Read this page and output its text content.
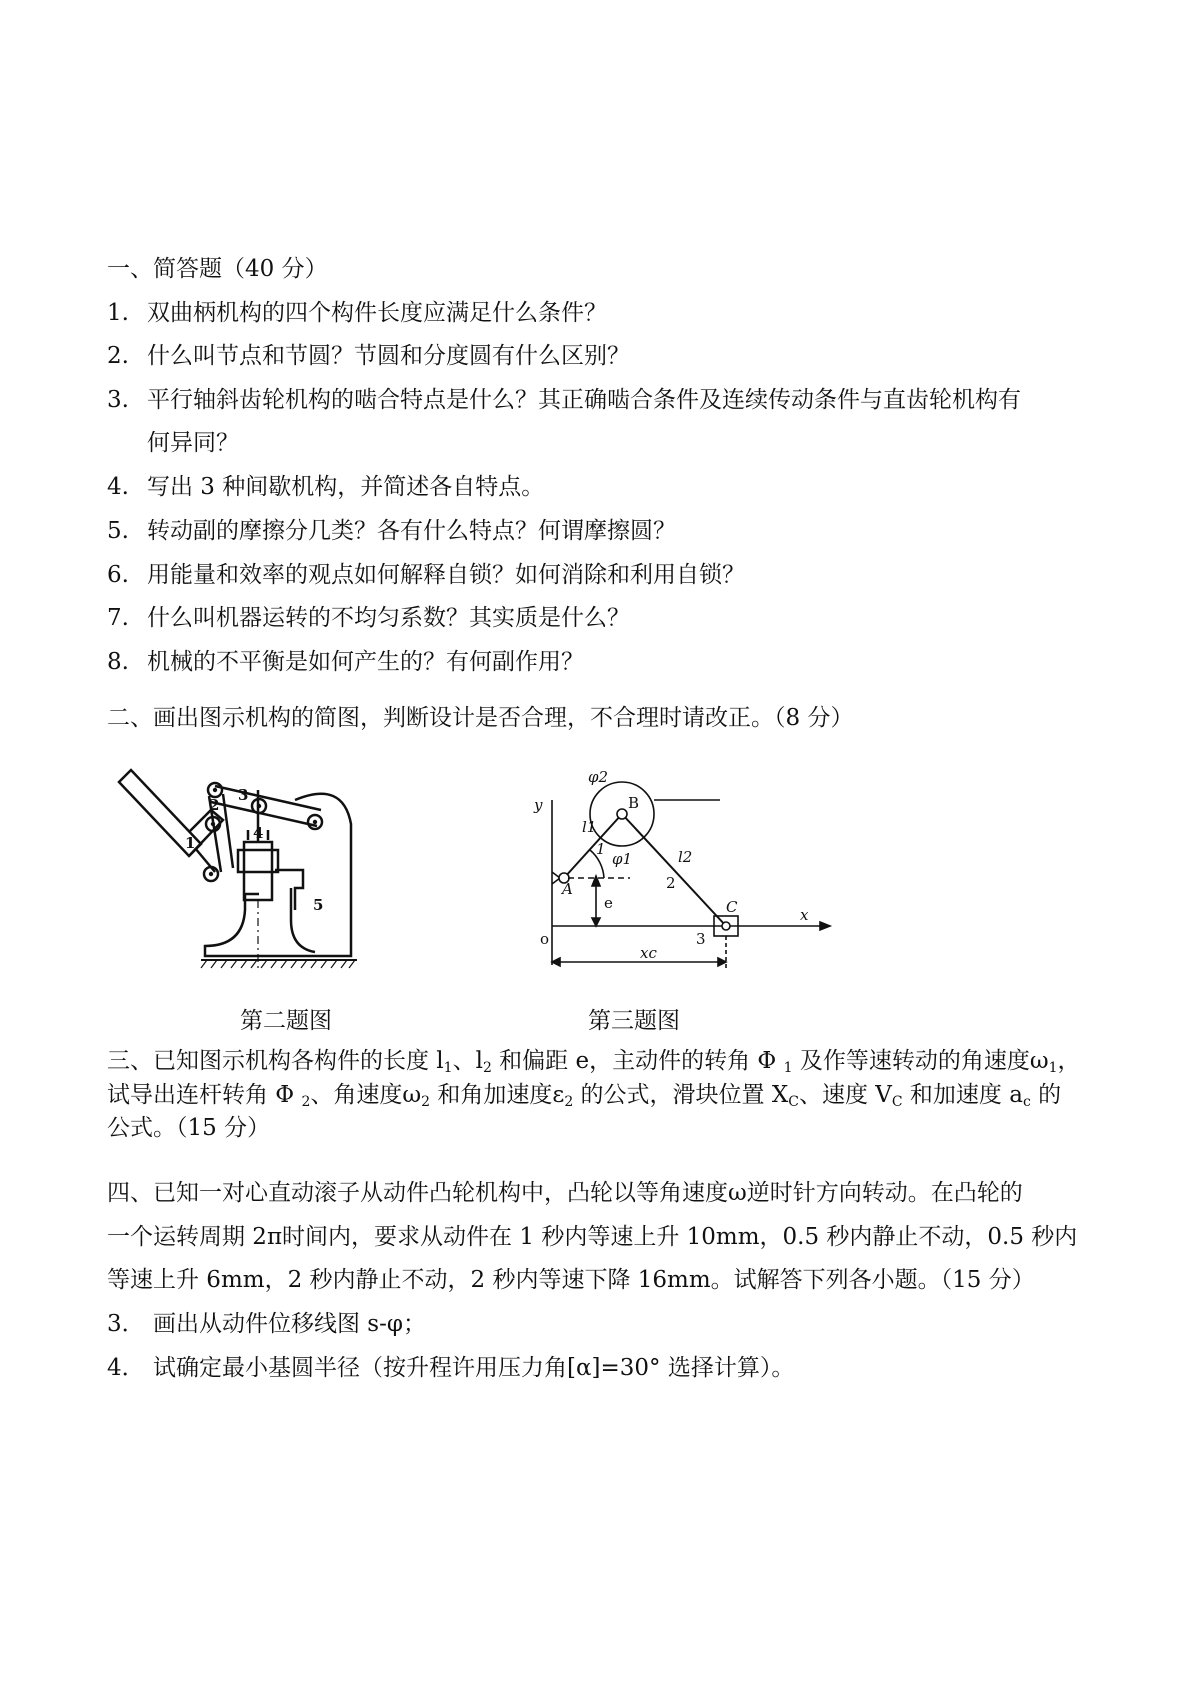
一、简答题（40 分）
1. 双曲柄机构的四个构件长度应满足什么条件？
2. 什么叫节点和节圆？节圆和分度圆有什么区别？
3. 平行轴斜齿轮机构的啮合特点是什么？其正确啮合条件及连续传动条件与直齿轮机构有
何异同？
4. 写出 3 种间歇机构，并简述各自特点。
5. 转动副的摩擦分几类？各有什么特点？何谓摩擦圆？
6. 用能量和效率的观点如何解释自锁？如何消除和利用自锁？
7. 什么叫机器运转的不均匀系数？其实质是什么？
8. 机械的不平衡是如何产生的？有何副作用？
二、画出图示机构的简图，判断设计是否合理，不合理时请改正。（8 分）
1
2
3
4
5
y
φ2
B
l1
1
φ1	l2
2
A
e	C	x
o	3
xc
第二题图	第三题图
三、已知图示机构各构件的长度 $l_1$、$l_2$ 和偏距 e，主动件的转角 Φ $_1$ 及作等速转动的角速度$\omega_1$，
试导出连杆转角 Φ $_2$、角速度$\omega_2$ 和角加速度$\varepsilon_2$ 的公式，滑块位置 $X_C$、速度 $V_C$ 和加速度 $a_c$ 的
公式。（15 分）
四、已知一对心直动滚子从动件凸轮机构中，凸轮以等角速度ω逆时针方向转动。在凸轮的
一个运转周期 2π时间内，要求从动件在 1 秒内等速上升 10mm，0.5 秒内静止不动，0.5 秒内
等速上升 6mm，2 秒内静止不动，2 秒内等速下降 16mm。试解答下列各小题。（15 分）
3． 画出从动件位移线图 s-φ；
4． 试确定最小基圆半径（按升程许用压力角[α]=30° 选择计算）。
